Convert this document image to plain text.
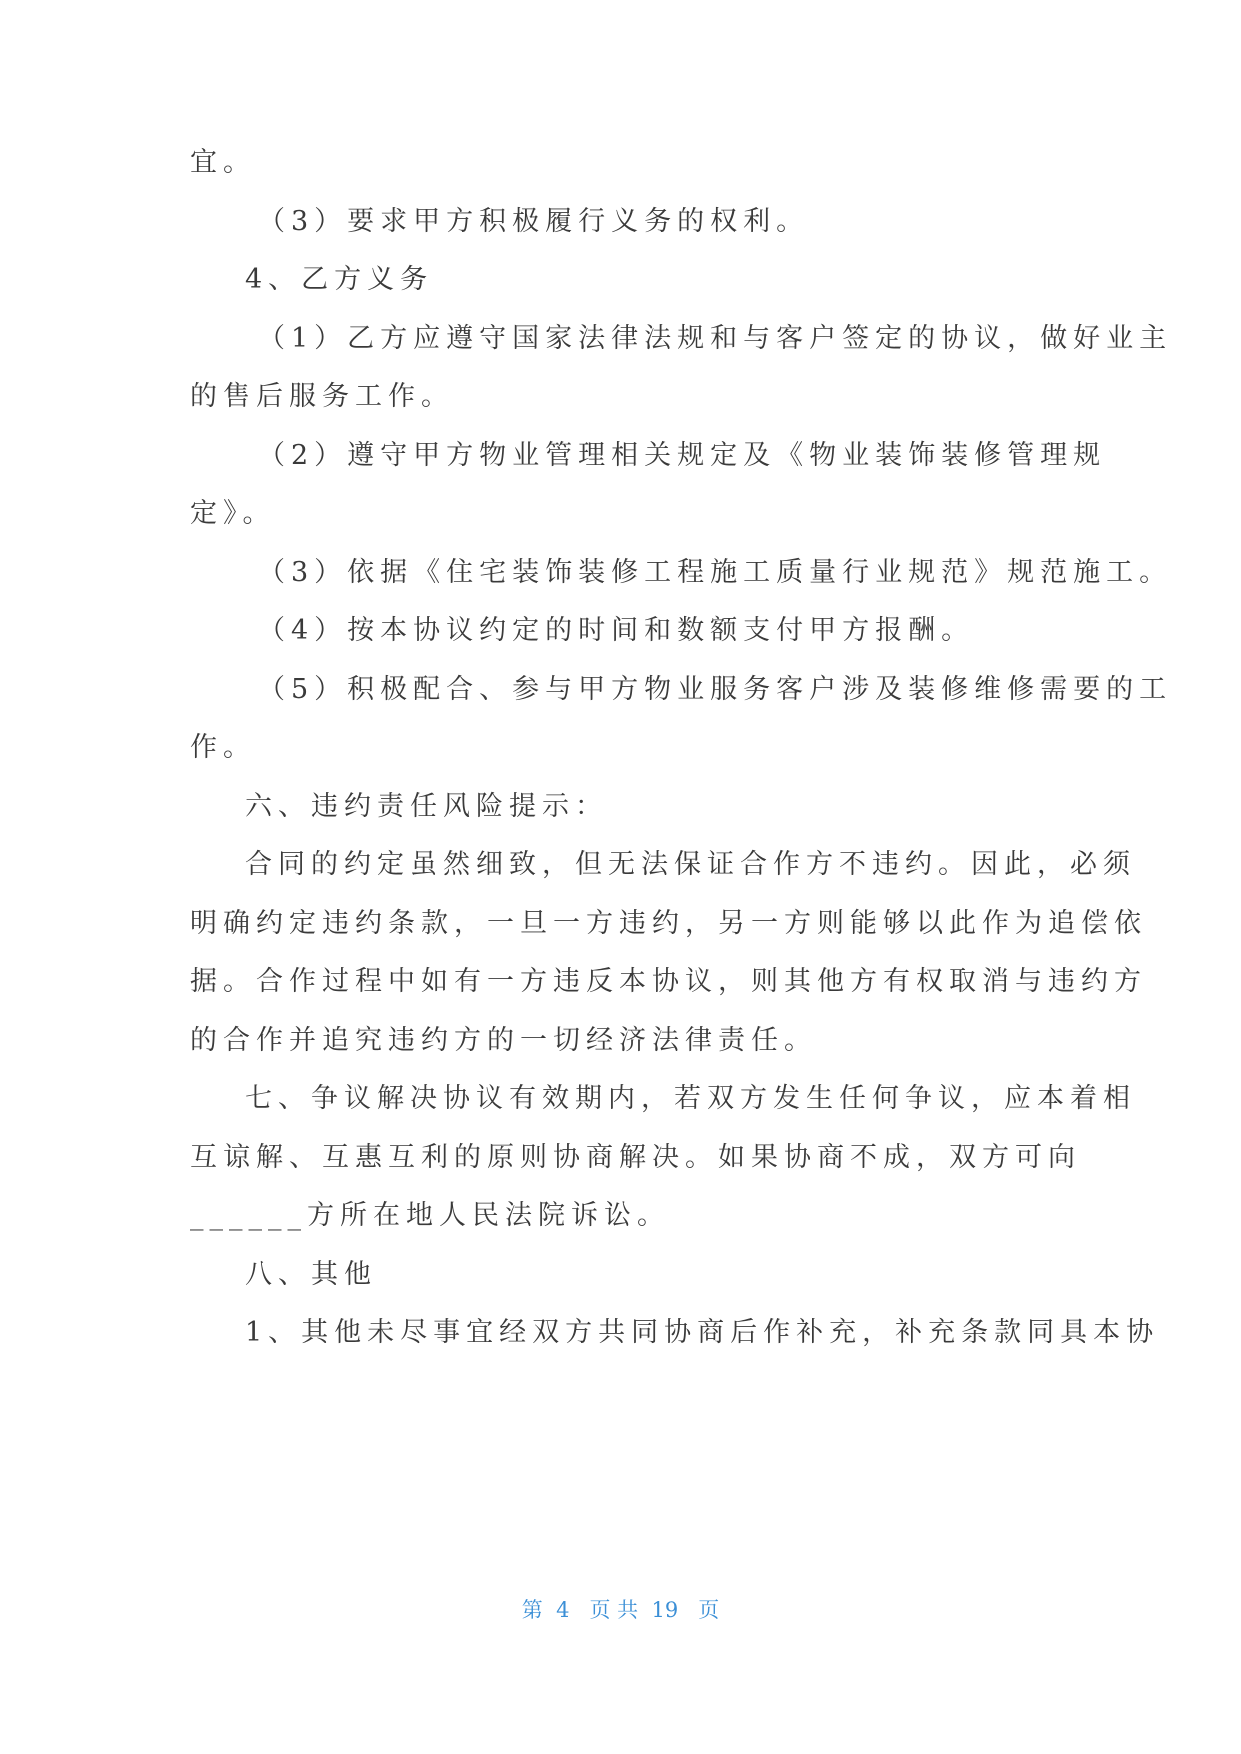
宜。
（3）要求甲方积极履行义务的权利。
4、乙方义务
（1）乙方应遵守国家法律法规和与客户签定的协议，做好业主
的售后服务工作。
（2）遵守甲方物业管理相关规定及《物业装饰装修管理规
定》。
（3）依据《住宅装饰装修工程施工质量行业规范》规范施工。
（4）按本协议约定的时间和数额支付甲方报酬。
（5）积极配合、参与甲方物业服务客户涉及装修维修需要的工
作。
六、违约责任风险提示：
合同的约定虽然细致，但无法保证合作方不违约。因此，必须
明确约定违约条款，一旦一方违约，另一方则能够以此作为追偿依
据。合作过程中如有一方违反本协议，则其他方有权取消与违约方
的合作并追究违约方的一切经济法律责任。
七、争议解决协议有效期内，若双方发生任何争议，应本着相
互谅解、互惠互利的原则协商解决。如果协商不成，双方可向
______方所在地人民法院诉讼。
八、其他
1、其他未尽事宜经双方共同协商后作补充，补充条款同具本协
第  4   页 共  19   页
